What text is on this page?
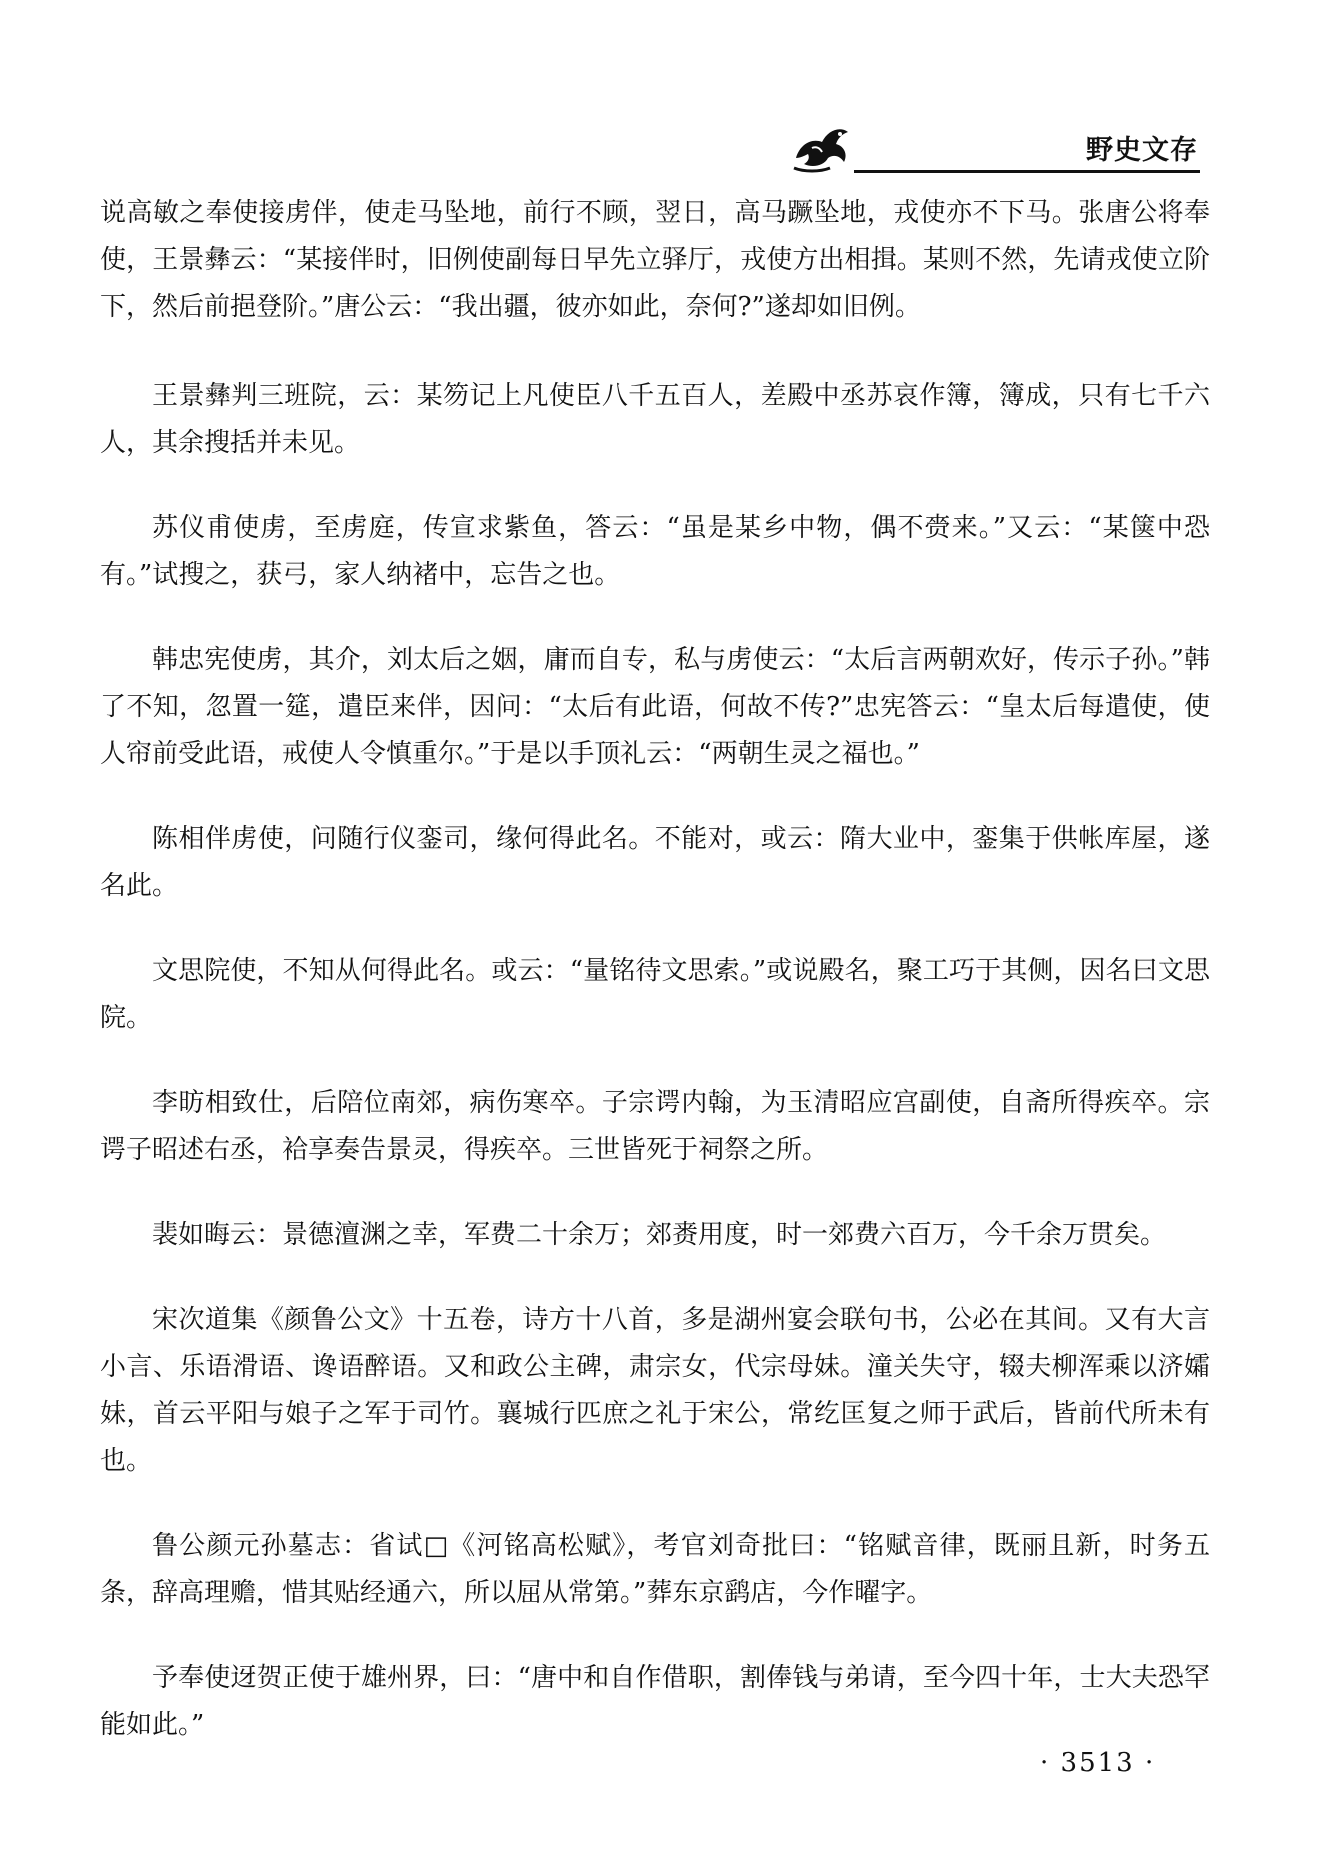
野史文存

说高敏之奉使接虏伴，使走马坠地，前行不顾，翌日，高马蹶坠地，戎使亦不下马。张唐公将奉使，王景彝云：“某接伴时，旧例使副每日早先立驿厅，戎使方出相揖。某则不然，先请戎使立阶下，然后前挹登阶。”唐公云：“我出疆，彼亦如此，奈何?”遂却如旧例。

王景彝判三班院，云：某笏记上凡使臣八千五百人，差殿中丞苏哀作簿，簿成，只有七千六人，其余搜括并未见。

苏仪甫使虏，至虏庭，传宣求紫鱼，答云：“虽是某乡中物，偶不赍来。”又云：“某箧中恐有。”试搜之，获弓，家人纳褚中，忘告之也。

韩忠宪使虏，其介，刘太后之姻，庸而自专，私与虏使云：“太后言两朝欢好，传示子孙。”韩了不知，忽置一筵，遣臣来伴，因问：“太后有此语，何故不传?”忠宪答云：“皇太后每遣使，使人帘前受此语，戒使人令慎重尔。”于是以手顶礼云：“两朝生灵之福也。”

陈相伴虏使，问随行仪銮司，缘何得此名。不能对，或云：隋大业中，銮集于供帐库屋，遂名此。

文思院使，不知从何得此名。或云：“量铭待文思索。”或说殿名，聚工巧于其侧，因名曰文思院。

李昉相致仕，后陪位南郊，病伤寒卒。子宗谔内翰，为玉清昭应宫副使，自斋所得疾卒。宗谔子昭述右丞，袷享奏告景灵，得疾卒。三世皆死于祠祭之所。

裴如晦云：景德澶渊之幸，军费二十余万；郊赉用度，时一郊费六百万，今千余万贯矣。

宋次道集《颜鲁公文》十五卷，诗方十八首，多是湖州宴会联句书，公必在其间。又有大言小言、乐语滑语、谗语醉语。又和政公主碑，肃宗女，代宗母妹。潼关失守，辍夫柳浑乘以济孀妹，首云平阳与娘子之军于司竹。襄城行匹庶之礼于宋公，常纥匡复之师于武后，皆前代所未有也。

鲁公颜元孙墓志：省试□《河铭高松赋》，考官刘奇批曰：“铭赋音律，既丽且新，时务五条，辞高理赡，惜其贴经通六，所以屈从常第。”葬东京鹞店，今作曜字。

予奉使迓贺正使于雄州界，曰：“唐中和自作借职，割俸钱与弟请，至今四十年，士大夫恐罕能如此。”

· 3513 ·
